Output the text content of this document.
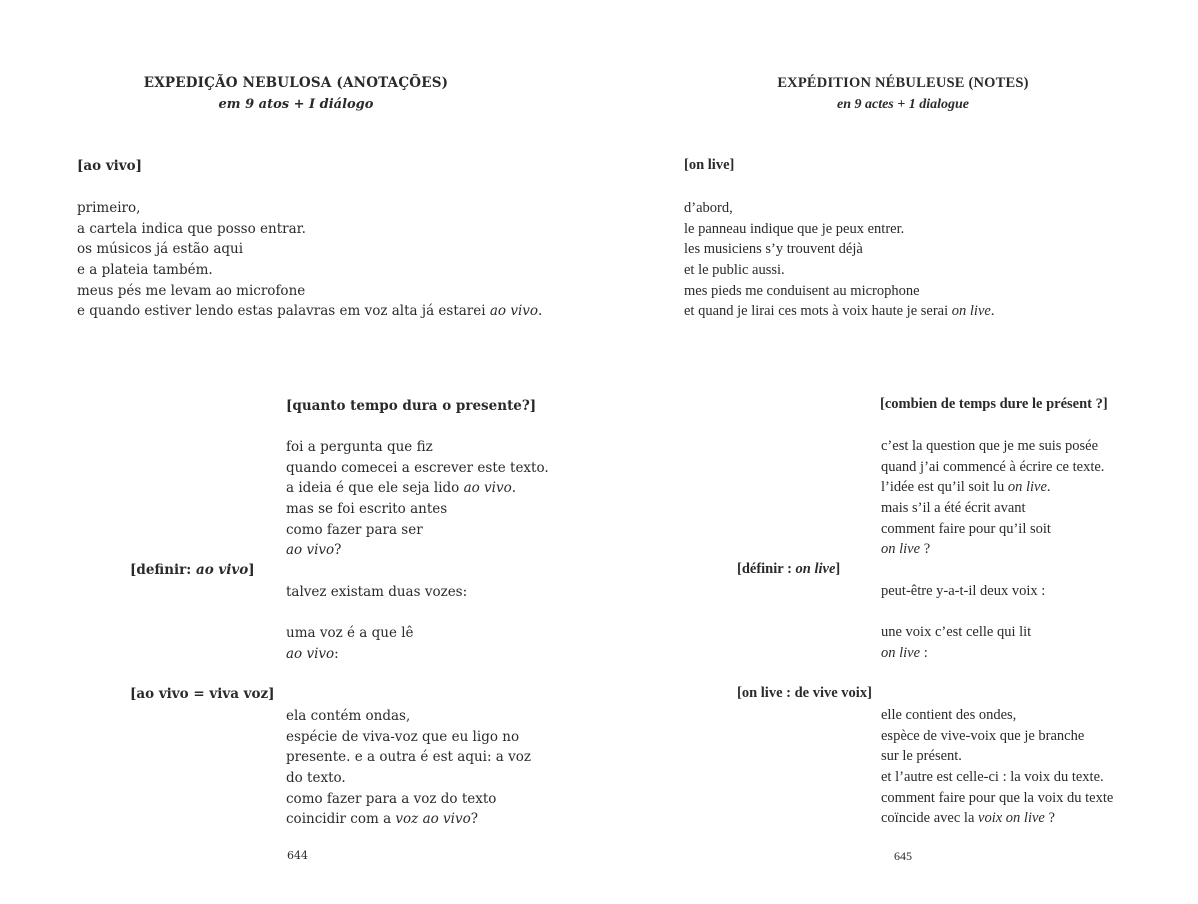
EXPEDIÇÃO NEBULOSA (ANOTAÇÕES)
em 9 atos + I diálogo
[ao vivo]
primeiro,
a cartela indica que posso entrar.
os músicos já estão aqui
e a plateia também.
meus pés me levam ao microfone
e quando estiver lendo estas palavras em voz alta já estarei ao vivo.
[quanto tempo dura o presente?]
foi a pergunta que fiz
quando comecei a escrever este texto.
a ideia é que ele seja lido ao vivo.
mas se foi escrito antes
como fazer para ser
ao vivo?
talvez existam duas vozes:
uma voz é a que lê
ao vivo:
ela contém ondas,
espécie de viva-voz que eu ligo no
presente. e a outra é est aqui: a voz
do texto.
como fazer para a voz do texto
coincidir com a voz ao vivo?
[definir: ao vivo]
[ao vivo = viva voz]
644
EXPÉDITION NÉBULEUSE (NOTES)
en 9 actes + 1 dialogue
[on live]
d’abord,
le panneau indique que je peux entrer.
les musiciens s’y trouvent déjà
et le public aussi.
mes pieds me conduisent au microphone
et quand je lirai ces mots à voix haute je serai on live.
[combien de temps dure le présent ?]
c’est la question que je me suis posée
quand j’ai commencé à écrire ce texte.
l’idée est qu’il soit lu on live.
mais s’il a été écrit avant
comment faire pour qu’il soit
on live ?
peut-être y-a-t-il deux voix :
une voix c’est celle qui lit
on live :
elle contient des ondes,
espèce de vive-voix que je branche
sur le présent.
et l’autre est celle-ci : la voix du texte.
comment faire pour que la voix du texte
coïncide avec la voix on live ?
[définir : on live]
[on live : de vive voix]
645
